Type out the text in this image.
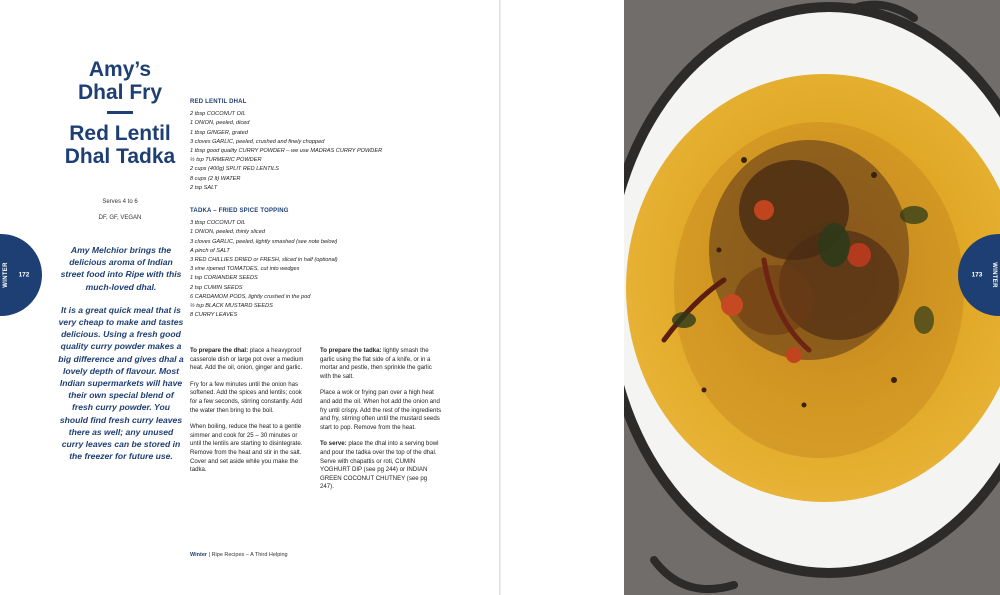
Amy’s
Dhal Fry
Red Lentil
Dhal Tadka
Serves 4 to 6
DF, GF, VEGAN

Amy Melchior brings the delicious aroma of Indian street food into Ripe with this much-loved dhal.

It is a great quick meal that is very cheap to make and tastes delicious. Using a fresh good quality curry powder makes a big difference and gives dhal a lovely depth of flavour. Most Indian supermarkets will have their own special blend of fresh curry powder. You should find fresh curry leaves there as well; any unused curry leaves can be stored in the freezer for future use.

RED LENTIL DHAL
2 tbsp COCONUT OIL
1 ONION, peeled, diced
1 tbsp GINGER, grated
3 cloves GARLIC, peeled, crushed and finely chopped
1 tbsp good quality CURRY POWDER – we use MADRAS CURRY POWDER
½ tsp TURMERIC POWDER
2 cups (400g) SPLIT RED LENTILS
8 cups (2 lt) WATER
2 tsp SALT
TADKA – FRIED SPICE TOPPING
3 tbsp COCONUT OIL
1 ONION, peeled, thinly sliced
3 cloves GARLIC, peeled, lightly smashed (see note below)
A pinch of SALT
3 RED CHILLIES DRIED or FRESH, sliced in half (optional)
3 vine ripened TOMATOES, cut into wedges
1 tsp CORIANDER SEEDS
2 tsp CUMIN SEEDS
6 CARDAMOM PODS, lightly crushed in the pod
½ tsp BLACK MUSTARD SEEDS
8 CURRY LEAVES

To prepare the dhal: place a heavyproof casserole dish or large pot over a medium heat. Add the oil, onion, ginger and garlic.

Fry for a few minutes until the onion has softened. Add the spices and lentils; cook for a few seconds, stirring constantly. Add the water then bring to the boil.

When boiling, reduce the heat to a gentle simmer and cook for 25 – 30 minutes or until the lentils are starting to disintegrate. Remove from the heat and stir in the salt. Cover and set aside while you make the tadka.

To prepare the tadka: lightly smash the garlic using the flat side of a knife, or in a mortar and pestle, then sprinkle the garlic with the salt.

Place a wok or frying pan over a high heat and add the oil. When hot add the onion and fry until crispy. Add the rest of the ingredients and fry, stirring often until the mustard seeds start to pop. Remove from the heat.

To serve: place the dhal into a serving bowl and pour the tadka over the top of the dhal. Serve with chapattis or roti, CUMIN YOGHURT DIP (see pg 244) or INDIAN GREEN COCONUT CHUTNEY (see pg 247).

Winter | Ripe Recipes – A Third Helping
WINTER 172	173 WINTER
